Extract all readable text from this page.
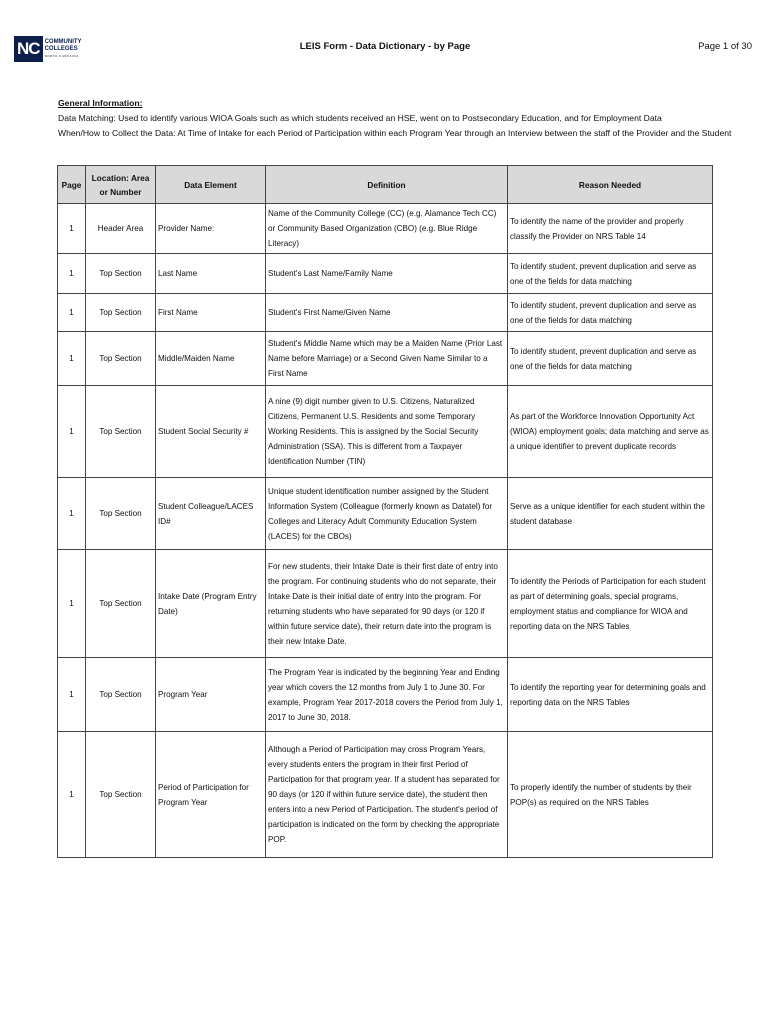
NC COMMUNITY
COLLEGES
NORTH CAROLINA
LEIS Form - Data Dictionary - by Page	Page 1 of 30
General Information:
Data Matching: Used to identify various WIOA Goals such as which students received an HSE, went on to Postsecondary Education, and for Employment Data
When/How to Collect the Data: At Time of Intake for each Period of Participation within each Program Year through an Interview between the staff of the Provider and the Student
Page	Location: Area or Number	Data Element	Definition	Reason Needed
1	Header Area	Provider Name:	Name of the Community College (CC) (e.g. Alamance Tech CC) or Community Based Organization (CBO) (e.g. Blue Ridge Literacy)	To identify the name of the provider and properly classify the Provider on NRS Table 14
1	Top Section	Last Name	Student's Last Name/Family Name	To identify student, prevent duplication and serve as one of the fields for data matching
1	Top Section	First Name	Student's First Name/Given Name	To identify student, prevent duplication and serve as one of the fields for data matching
1	Top Section	Middle/Maiden Name	Student's Middle Name which may be a Maiden Name (Prior Last Name before Marriage) or a Second Given Name Similar to a First Name	To identify student, prevent duplication and serve as one of the fields for data matching
1	Top Section	Student Social Security #	A nine (9) digit number given to U.S. Citizens, Naturalized Citizens, Permanent U.S. Residents and some Temporary Working Residents. This is assigned by the Social Security Administration (SSA). This is different from a Taxpayer Identification Number (TIN)	As part of the Workforce Innovation Opportunity Act (WIOA) employment goals; data matching and serve as a unique identifier to prevent duplicate records
1	Top Section	Student Colleague/LACES ID#	Unique student identification number assigned by the Student Information System (Colleague (formerly known as Datatel) for Colleges and Literacy Adult Community Education System (LACES) for the CBOs)	Serve as a unique identifier for each student within the student database
1	Top Section	Intake Date (Program Entry Date)	For new students, their Intake Date is their first date of entry into the program. For continuing students who do not separate, their Intake Date is their initial date of entry into the program. For returning students who have separated for 90 days (or 120 if within future service date), their return date into the program is their new Intake Date.	To identify the Periods of Participation for each student as part of determining goals, special programs, employment status and compliance for WIOA and reporting data on the NRS Tables
1	Top Section	Program Year	The Program Year is indicated by the beginning Year and Ending year which covers the 12 months from July 1 to June 30. For example, Program Year 2017-2018 covers the Period from July 1, 2017 to June 30, 2018.	To identify the reporting year for determining goals and reporting data on the NRS Tables
1	Top Section	Period of Participation for Program Year	Although a Period of Participation may cross Program Years, every students enters the program in their first Period of Participation for that program year. If a student has separated for 90 days (or 120 if within future service date), the student then enters into a new Period of Participation. The student's period of participation is indicated on the form by checking the appropriate POP.	To properly identify the number of students by their POP(s) as required on the NRS Tables
